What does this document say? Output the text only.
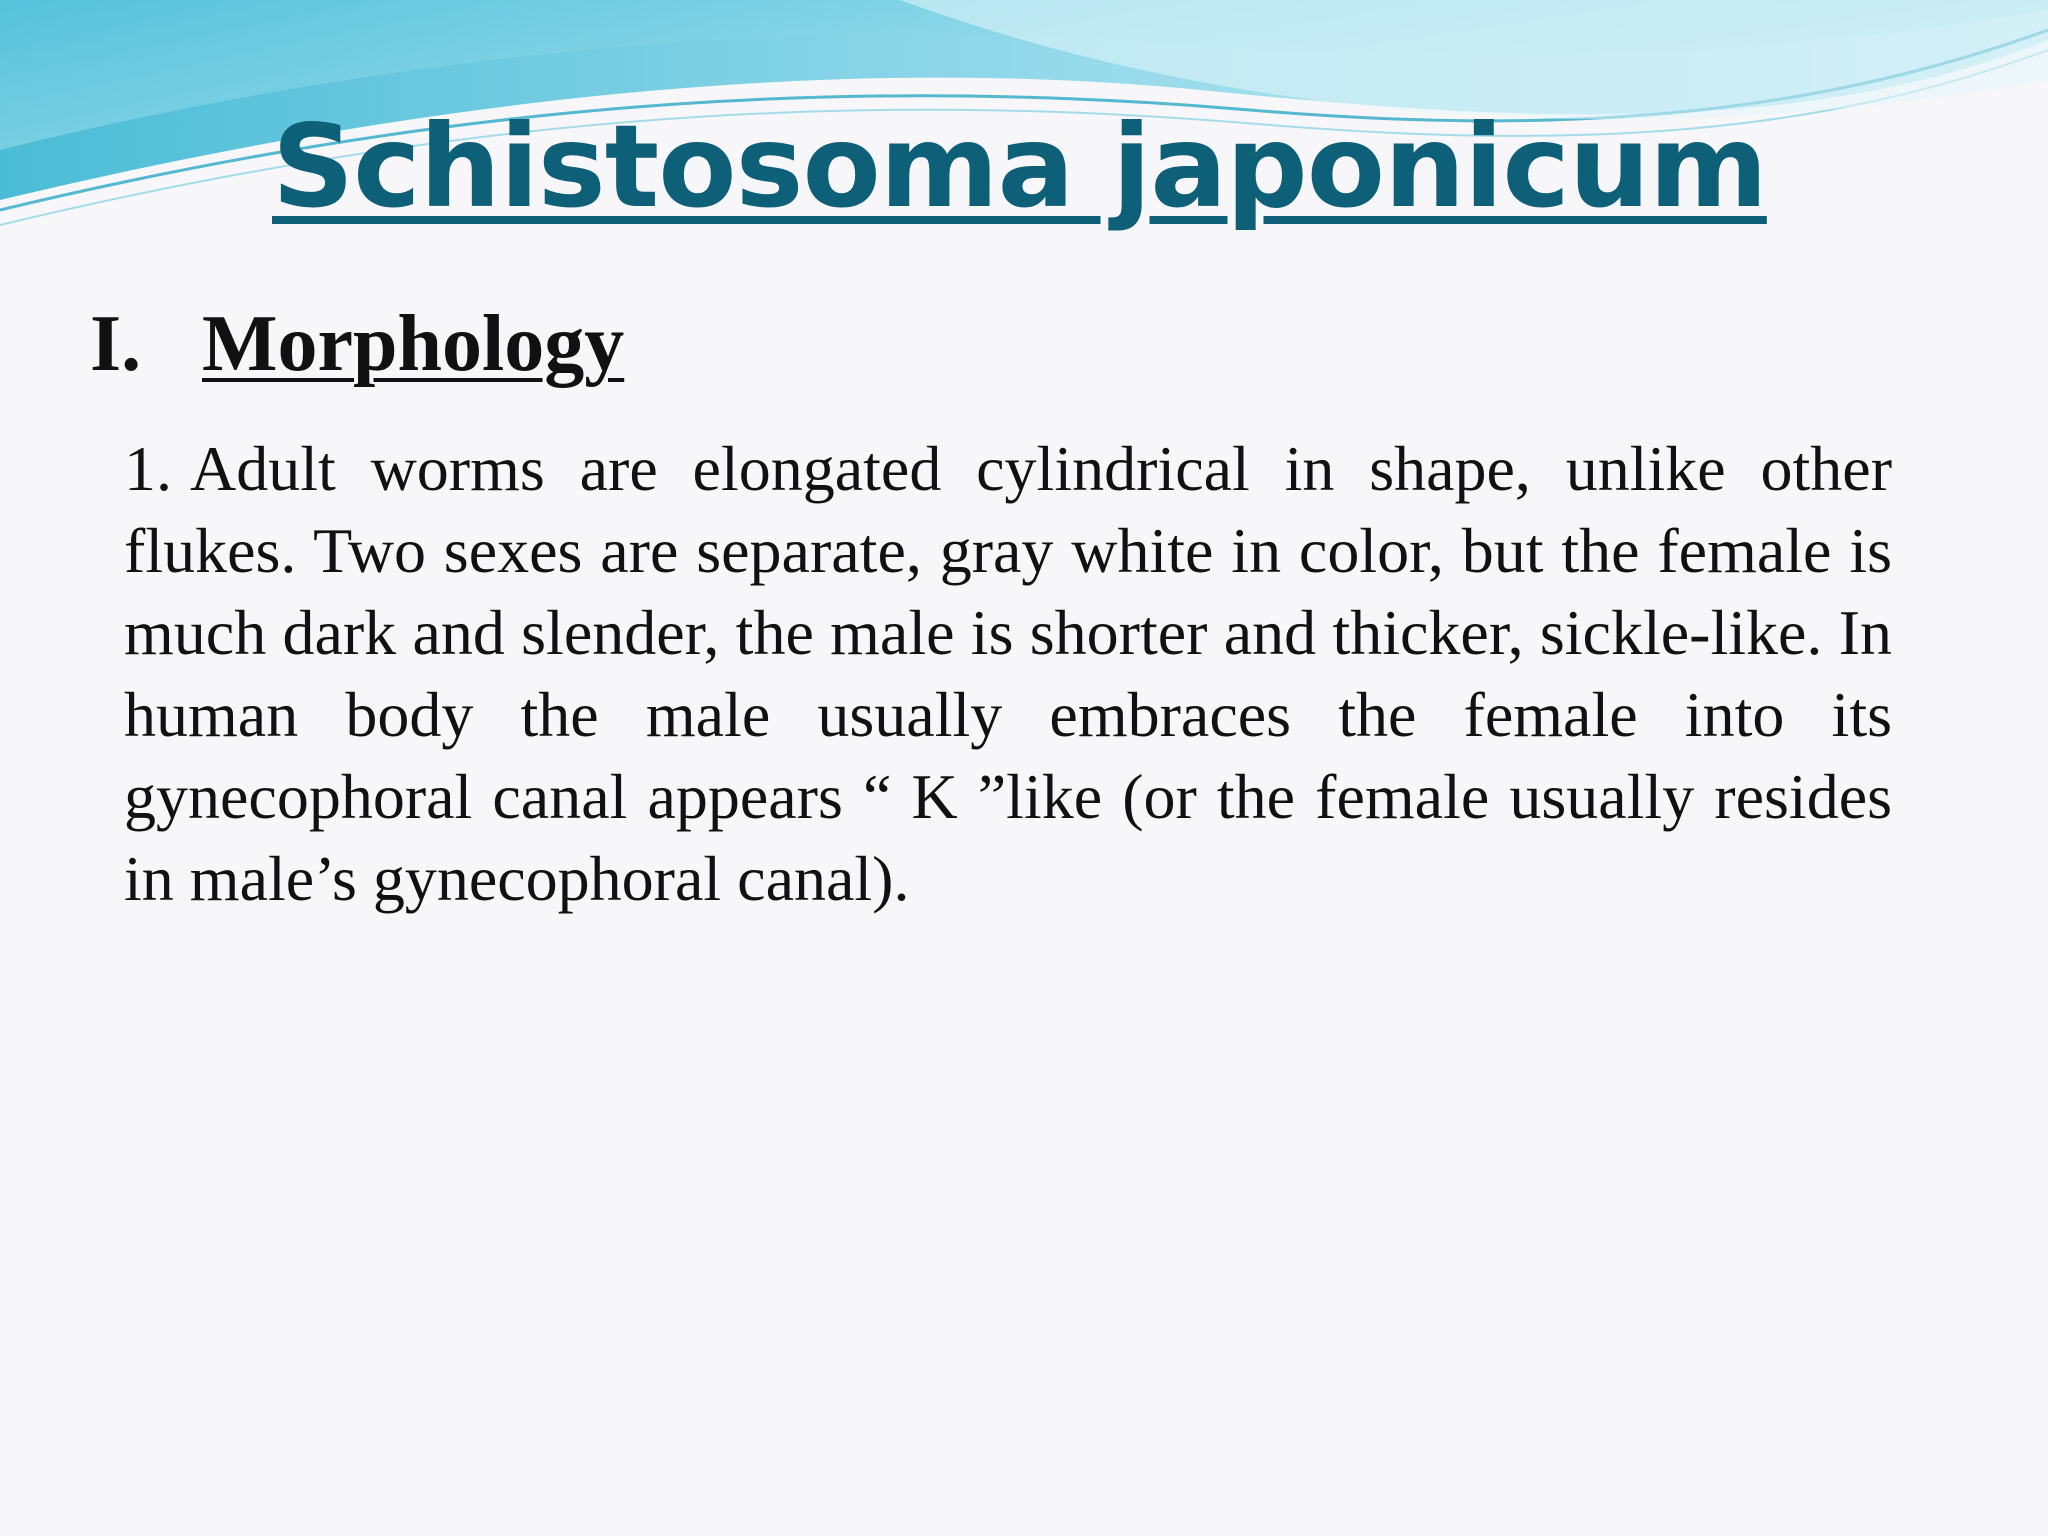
Schistosoma japonicum
I. Morphology

1. Adult worms are elongated cylindrical in shape, unlike other flukes. Two sexes are separate, gray white in color, but the female is much dark and slender, the male is shorter and thicker, sickle-like. In human body the male usually embraces the female into its gynecophoral canal appears “ K ”like (or the female usually resides in male’s gynecophoral canal).
